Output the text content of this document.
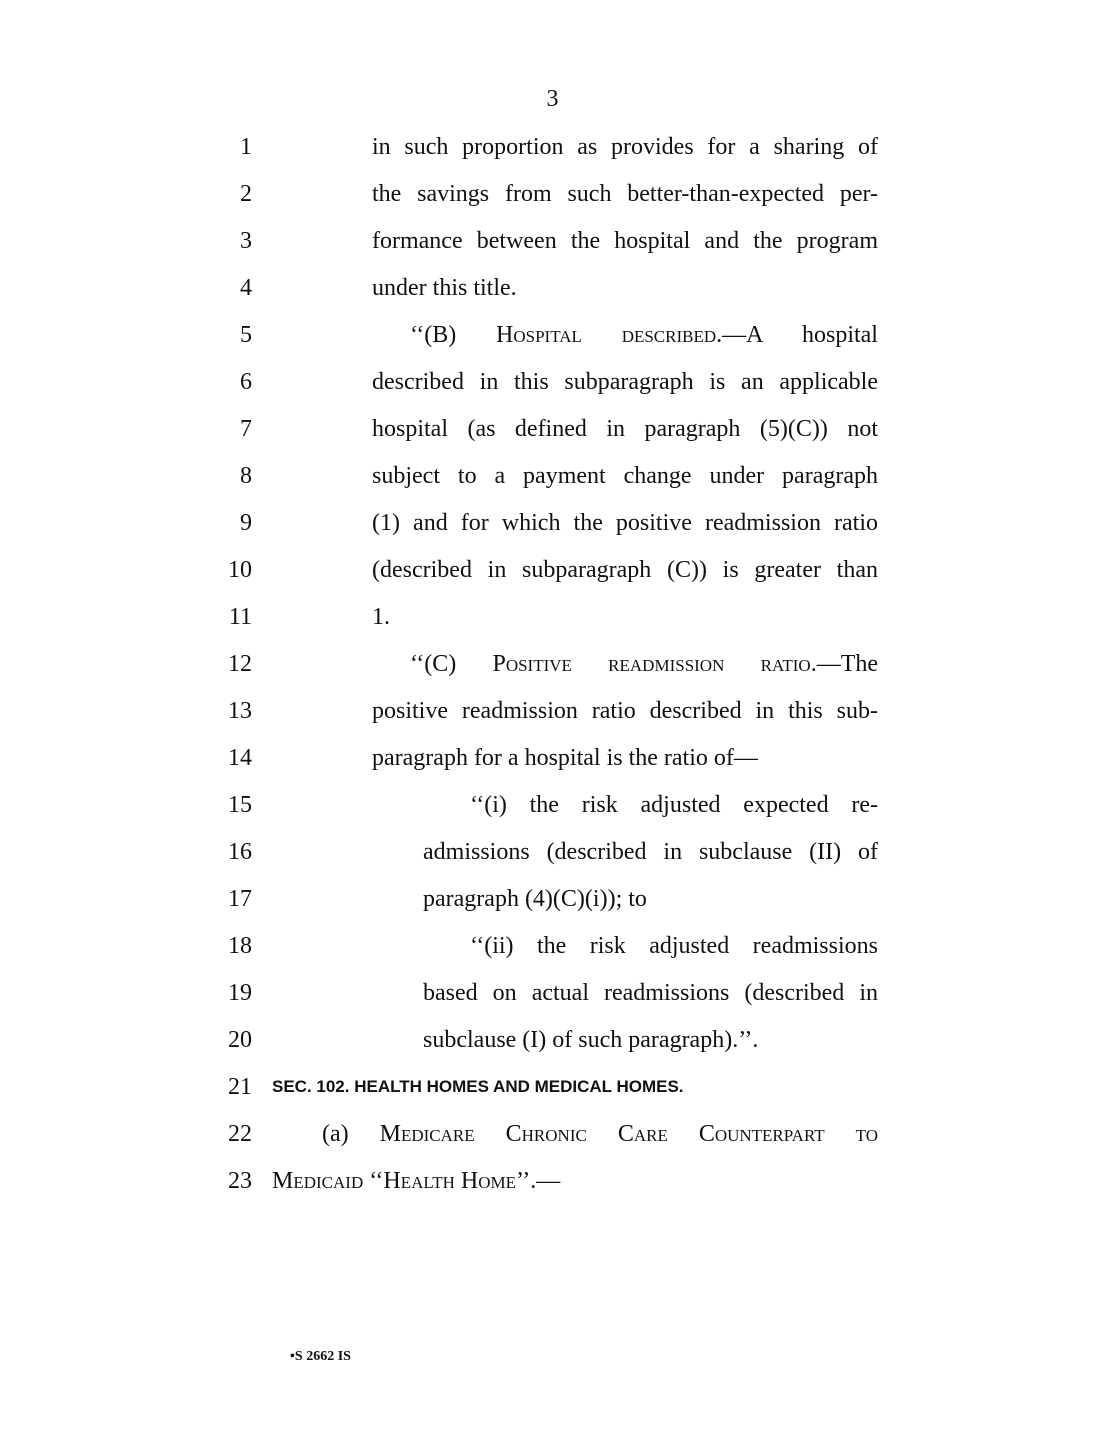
3
1	in such proportion as provides for a sharing of
2	the savings from such better-than-expected per-
3	formance between the hospital and the program
4	under this title.
5	‘‘(B) Hospital described.—A hospital
6	described in this subparagraph is an applicable
7	hospital (as defined in paragraph (5)(C)) not
8	subject to a payment change under paragraph
9	(1) and for which the positive readmission ratio
10	(described in subparagraph (C)) is greater than
11	1.
12	‘‘(C) Positive readmission ratio.—The
13	positive readmission ratio described in this sub-
14	paragraph for a hospital is the ratio of—
15	‘‘(i) the risk adjusted expected re-
16	admissions (described in subclause (II) of
17	paragraph (4)(C)(i)); to
18	‘‘(ii) the risk adjusted readmissions
19	based on actual readmissions (described in
20	subclause (I) of such paragraph).’’.
21 SEC. 102. HEALTH HOMES AND MEDICAL HOMES.
22	(a) Medicare Chronic Care Counterpart to
23 Medicaid ‘‘Health Home’’.—
•S 2662 IS
